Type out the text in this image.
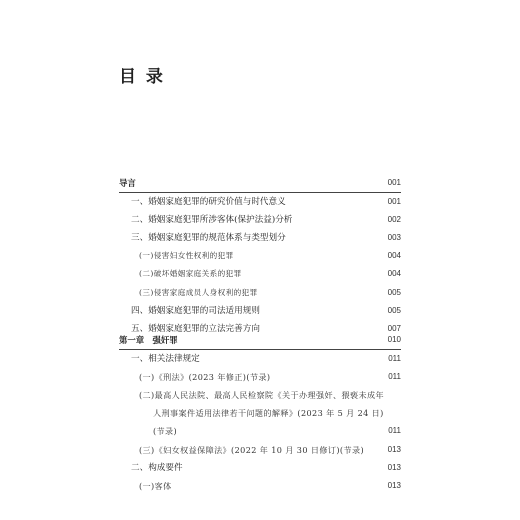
目 录
导言	001
一、婚姻家庭犯罪的研究价值与时代意义	001
二、婚姻家庭犯罪所涉客体(保护法益)分析	002
三、婚姻家庭犯罪的规范体系与类型划分	003
(一)侵害妇女性权利的犯罪	004
(二)破坏婚姻家庭关系的犯罪	004
(三)侵害家庭成员人身权利的犯罪	005
四、婚姻家庭犯罪的司法适用规则	005
五、婚姻家庭犯罪的立法完善方向	007
第一章　强奸罪	010
一、相关法律规定	011
(一)《刑法》(2023 年修正)(节录)	011
(二)最高人民法院、最高人民检察院《关于办理强奸、猥亵未成年
人刑事案件适用法律若干问题的解释》(2023 年 5 月 24 日)
(节录)	011
(三)《妇女权益保障法》(2022 年 10 月 30 日修订)(节录)	013
二、构成要件	013
(一)客体	013
